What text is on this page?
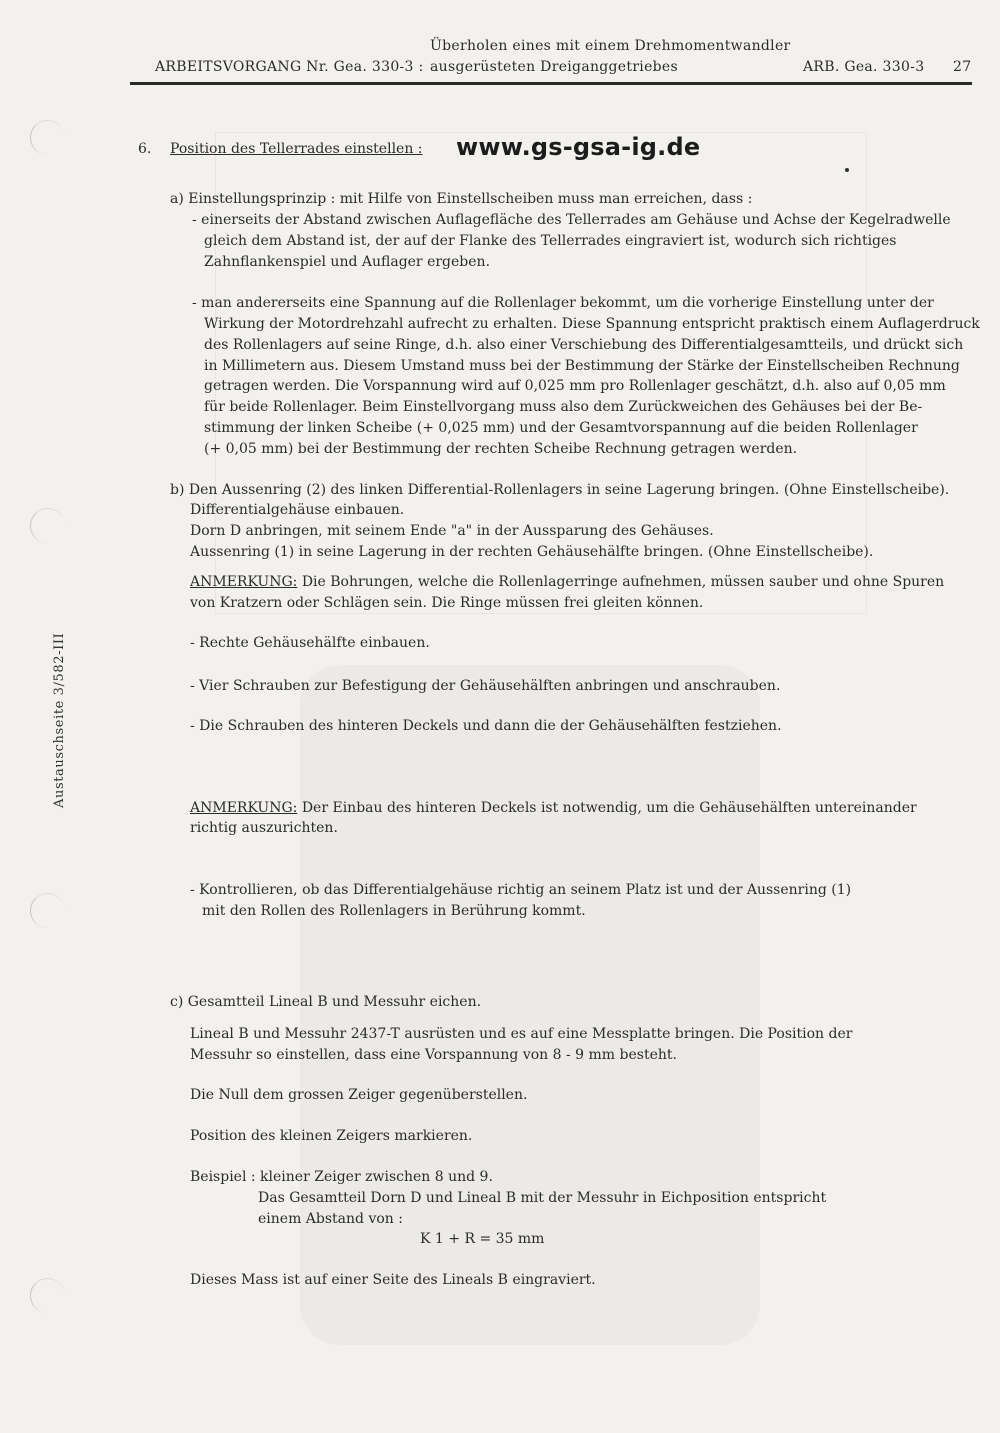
ARBEITSVORGANG Nr. Gea. 330-3 :
Überholen eines mit einem Drehmomentwandler
ausgerüsteten Dreiganggetriebes	ARB. Gea. 330-3 27
Austauschseite 3/582-III
6. Position des Tellerrades einstellen : www.gs-gsa-ig.de
a) Einstellungsprinzip : mit Hilfe von Einstellscheiben muss man erreichen, dass :
- einerseits der Abstand zwischen Auflagefläche des Tellerrades am Gehäuse und Achse der Kegelradwelle
gleich dem Abstand ist, der auf der Flanke des Tellerrades eingraviert ist, wodurch sich richtiges
Zahnflankenspiel und Auflager ergeben.
- man andererseits eine Spannung auf die Rollenlager bekommt, um die vorherige Einstellung unter der
Wirkung der Motordrehzahl aufrecht zu erhalten. Diese Spannung entspricht praktisch einem Auflagerdruck
des Rollenlagers auf seine Ringe, d.h. also einer Verschiebung des Differentialgesamtteils, und drückt sich
in Millimetern aus. Diesem Umstand muss bei der Bestimmung der Stärke der Einstellscheiben Rechnung
getragen werden. Die Vorspannung wird auf 0,025 mm pro Rollenlager geschätzt, d.h. also auf 0,05 mm
für beide Rollenlager. Beim Einstellvorgang muss also dem Zurückweichen des Gehäuses bei der Be-
stimmung der linken Scheibe (+ 0,025 mm) und der Gesamtvorspannung auf die beiden Rollenlager
(+ 0,05 mm) bei der Bestimmung der rechten Scheibe Rechnung getragen werden.
b) Den Aussenring (2) des linken Differential-Rollenlagers in seine Lagerung bringen. (Ohne Einstellscheibe).
Differentialgehäuse einbauen.
Dorn D anbringen, mit seinem Ende "a" in der Aussparung des Gehäuses.
Aussenring (1) in seine Lagerung in der rechten Gehäusehälfte bringen. (Ohne Einstellscheibe).
ANMERKUNG: Die Bohrungen, welche die Rollenlagerringe aufnehmen, müssen sauber und ohne Spuren
von Kratzern oder Schlägen sein. Die Ringe müssen frei gleiten können.
- Rechte Gehäusehälfte einbauen.
- Vier Schrauben zur Befestigung der Gehäusehälften anbringen und anschrauben.
- Die Schrauben des hinteren Deckels und dann die der Gehäusehälften festziehen.
ANMERKUNG: Der Einbau des hinteren Deckels ist notwendig, um die Gehäusehälften untereinander
richtig auszurichten.
- Kontrollieren, ob das Differentialgehäuse richtig an seinem Platz ist und der Aussenring (1)
mit den Rollen des Rollenlagers in Berührung kommt.
c) Gesamtteil Lineal B und Messuhr eichen.
Lineal B und Messuhr 2437-T ausrüsten und es auf eine Messplatte bringen. Die Position der
Messuhr so einstellen, dass eine Vorspannung von 8 - 9 mm besteht.
Die Null dem grossen Zeiger gegenüberstellen.
Position des kleinen Zeigers markieren.
Beispiel : kleiner Zeiger zwischen 8 und 9.
Das Gesamtteil Dorn D und Lineal B mit der Messuhr in Eichposition entspricht
einem Abstand von :
K 1 + R = 35 mm
Dieses Mass ist auf einer Seite des Lineals B eingraviert.
